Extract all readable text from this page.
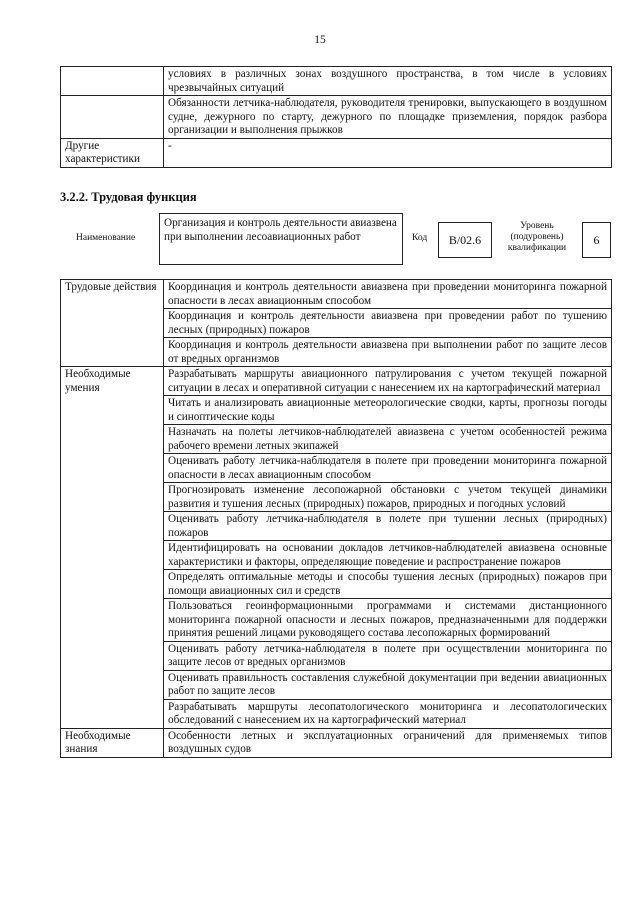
15
	условиях в различных зонах воздушного пространства, в том числе в условиях чрезвычайных ситуаций
	Обязанности летчика-наблюдателя, руководителя тренировки, выпускающего в воздушном судне, дежурного по старту, дежурного по площадке приземления, порядок разбора организации и выполнения прыжков
Другие характеристики	-
3.2.2. Трудовая функция
Наименование
Организация и контроль деятельности авиазвена при выполнении лесоавиационных работ	Код	B/02.6
Уровень (подуровень) квалификации
6
Трудовые действия	Координация и контроль деятельности авиазвена при проведении мониторинга пожарной опасности в лесах авиационным способом
	Координация и контроль деятельности авиазвена при проведении работ по тушению лесных (природных) пожаров
	Координация и контроль деятельности авиазвена при выполнении работ по защите лесов от вредных организмов
Необходимые умения	Разрабатывать маршруты авиационного патрулирования с учетом текущей пожарной ситуации в лесах и оперативной ситуации с нанесением их на картографический материал
	Читать и анализировать авиационные метеорологические сводки, карты, прогнозы погоды и синоптические коды
	Назначать на полеты летчиков-наблюдателей авиазвена с учетом особенностей режима рабочего времени летных экипажей
	Оценивать работу летчика-наблюдателя в полете при проведении мониторинга пожарной опасности в лесах авиационным способом
	Прогнозировать изменение лесопожарной обстановки с учетом текущей динамики развития и тушения лесных (природных) пожаров, природных и погодных условий
	Оценивать работу летчика-наблюдателя в полете при тушении лесных (природных) пожаров
	Идентифицировать на основании докладов летчиков-наблюдателей авиазвена основные характеристики и факторы, определяющие поведение и распространение пожаров
	Определять оптимальные методы и способы тушения лесных (природных) пожаров при помощи авиационных сил и средств
	Пользоваться геоинформационными программами и системами дистанционного мониторинга пожарной опасности и лесных пожаров, предназначенными для поддержки принятия решений лицами руководящего состава лесопожарных формирований
	Оценивать работу летчика-наблюдателя в полете при осуществлении мониторинга по защите лесов от вредных организмов
	Оценивать правильность составления служебной документации при ведении авиационных работ по защите лесов
	Разрабатывать маршруты лесопатологического мониторинга и лесопатологических обследований с нанесением их на картографический материал
Необходимые знания	Особенности летных и эксплуатационных ограничений для применяемых типов воздушных судов
